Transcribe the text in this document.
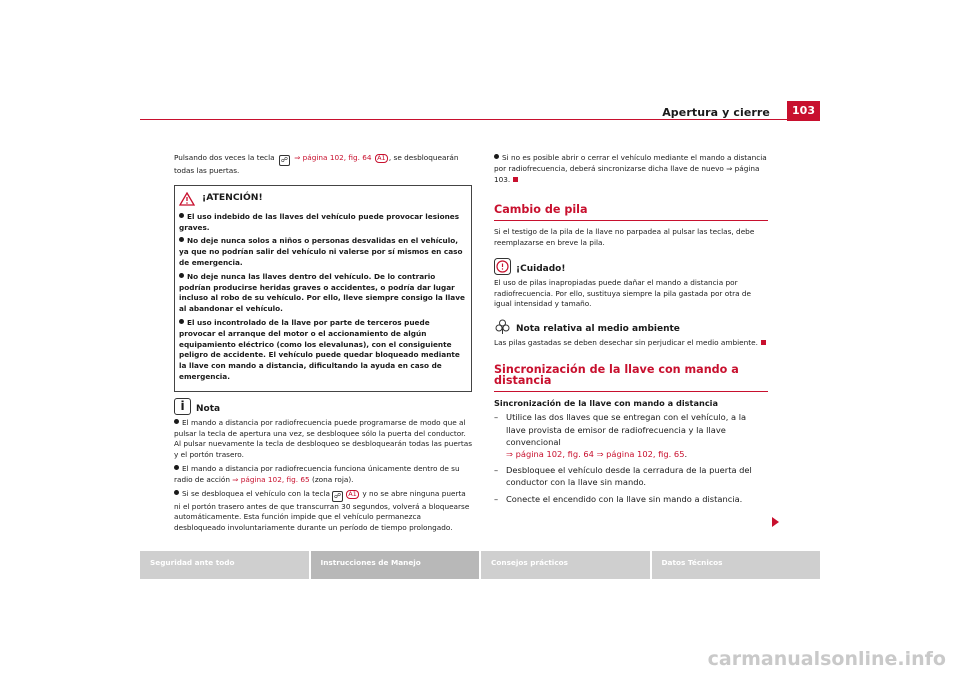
Apertura y cierre	103

Pulsando dos veces la tecla ☍ ⇒ página 102, fig. 64 A1 , se desbloquearán todas las puertas.

¡ATENCIÓN!
El uso indebido de las llaves del vehículo puede provocar lesiones graves.
No deje nunca solos a niños o personas desvalidas en el vehículo, ya que no podrían salir del vehículo ni valerse por sí mismos en caso de emergencia.
No deje nunca las llaves dentro del vehículo. De lo contrario podrían producirse heridas graves o accidentes, o podría dar lugar incluso al robo de su vehículo. Por ello, lleve siempre consigo la llave al abandonar el vehículo.
El uso incontrolado de la llave por parte de terceros puede provocar el arranque del motor o el accionamiento de algún equipamiento eléctrico (como los elevalunas), con el consiguiente peligro de accidente. El vehículo puede quedar bloqueado mediante la llave con mando a distancia, dificultando la ayuda en caso de emergencia.
i Nota
El mando a distancia por radiofrecuencia puede programarse de modo que al pulsar la tecla de apertura una vez, se desbloquee sólo la puerta del conductor. Al pulsar nuevamente la tecla de desbloqueo se desbloquearán todas las puertas y el portón trasero.
El mando a distancia por radiofrecuencia funciona únicamente dentro de su radio de acción ⇒ página 102, fig. 65 (zona roja).
Si se desbloquea el vehículo con la tecla ☍ A1 y no se abre ninguna puerta ni el portón trasero antes de que transcurran 30 segundos, volverá a bloquearse automáticamente. Esta función impide que el vehículo permanezca desbloqueado involuntariamente durante un período de tiempo prolongado.
Si no es posible abrir o cerrar el vehículo mediante el mando a distancia por radiofrecuencia, deberá sincronizarse dicha llave de nuevo ⇒ página 103.
Cambio de pila

Si el testigo de la pila de la llave no parpadea al pulsar las teclas, debe reemplazarse en breve la pila.

¡Cuidado!

El uso de pilas inapropiadas puede dañar el mando a distancia por radiofrecuencia. Por ello, sustituya siempre la pila gastada por otra de igual intensidad y tamaño.

Nota relativa al medio ambiente

Las pilas gastadas se deben desechar sin perjudicar el medio ambiente.

Sincronización de la llave con mando a distancia
Sincronización de la llave con mando a distancia
– Utilice las dos llaves que se entregan con el vehículo, a la llave provista de emisor de radiofrecuencia y la llave convencional
⇒ página 102, fig. 64 ⇒ página 102, fig. 65.
– Desbloquee el vehículo desde la cerradura de la puerta del conductor con la llave sin mando.
– Conecte el encendido con la llave sin mando a distancia.
Seguridad ante todo	Instrucciones de Manejo	Consejos prácticos	Datos Técnicos
carmanualsonline.info
